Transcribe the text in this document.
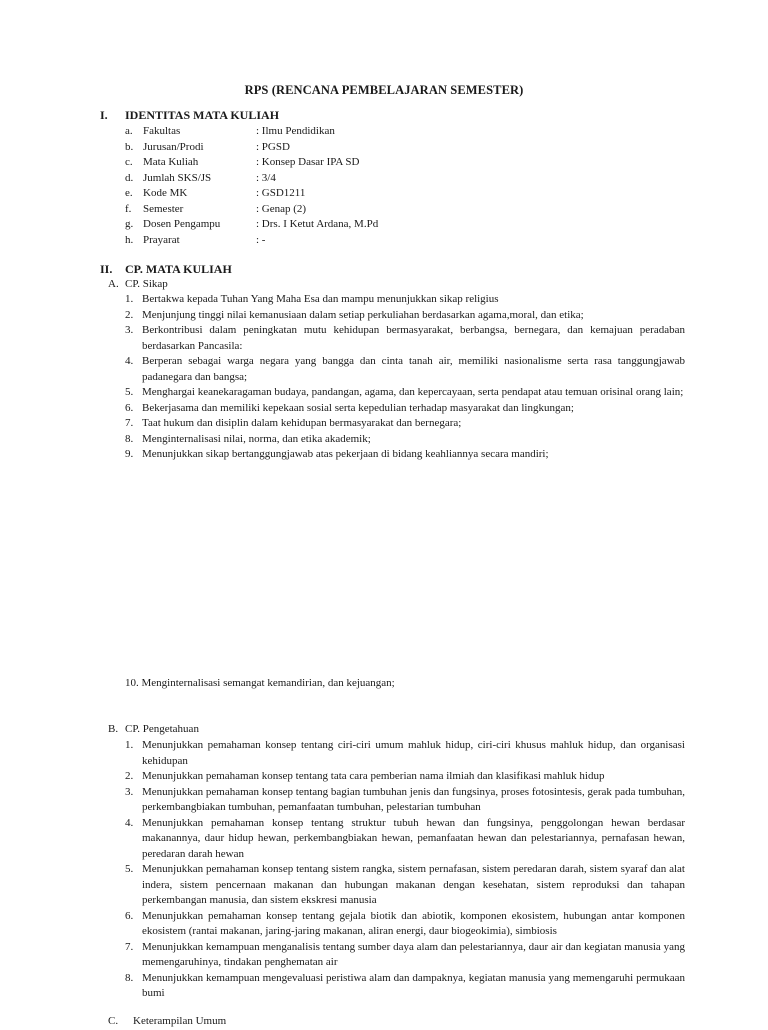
RPS (RENCANA PEMBELAJARAN SEMESTER)
I. IDENTITAS MATA KULIAH
a. Fakultas	: Ilmu Pendidikan
b. Jurusan/Prodi	: PGSD
c. Mata Kuliah	: Konsep Dasar IPA SD
d. Jumlah SKS/JS	: 3/4
e. Kode MK	: GSD1211
f. Semester	: Genap (2)
g. Dosen Pengampu	: Drs. I Ketut Ardana, M.Pd
h. Prayarat	: -
II. CP. MATA KULIAH
A. CP. Sikap
1. Bertakwa kepada Tuhan Yang Maha Esa dan mampu menunjukkan sikap religius
2. Menjunjung tinggi nilai kemanusiaan dalam setiap perkuliahan berdasarkan agama,moral, dan etika;
3. Berkontribusi dalam peningkatan mutu kehidupan bermasyarakat, berbangsa, bernegara, dan kemajuan peradaban berdasarkan Pancasila:
4. Berperan sebagai warga negara yang bangga dan cinta tanah air, memiliki nasionalisme serta rasa tanggungjawab padanegara dan bangsa;
5. Menghargai keanekaragaman budaya, pandangan, agama, dan kepercayaan, serta pendapat atau temuan orisinal orang lain;
6. Bekerjasama dan memiliki kepekaan sosial serta kepedulian terhadap masyarakat dan lingkungan;
7. Taat hukum dan disiplin dalam kehidupan bermasyarakat dan bernegara;
8. Menginternalisasi nilai, norma, dan etika akademik;
9. Menunjukkan sikap bertanggungjawab atas pekerjaan di bidang keahliannya secara mandiri;
10. Menginternalisasi semangat kemandirian, dan kejuangan;
B. CP. Pengetahuan
1. Menunjukkan pemahaman konsep tentang ciri-ciri umum mahluk hidup, ciri-ciri khusus mahluk hidup, dan organisasi kehidupan
2. Menunjukkan pemahaman konsep tentang tata cara pemberian nama ilmiah dan klasifikasi mahluk hidup
3. Menunjukkan pemahaman konsep tentang bagian tumbuhan jenis dan fungsinya, proses fotosintesis, gerak pada tumbuhan, perkembangbiakan tumbuhan, pemanfaatan tumbuhan, pelestarian tumbuhan
4. Menunjukkan pemahaman konsep tentang struktur tubuh hewan dan fungsinya, penggolongan hewan berdasar makanannya, daur hidup hewan, perkembangbiakan hewan, pemanfaatan hewan dan pelestariannya, pernafasan hewan, peredaran darah hewan
5. Menunjukkan pemahaman konsep tentang sistem rangka, sistem pernafasan, sistem peredaran darah, sistem syaraf dan alat indera, sistem pencernaan makanan dan hubungan makanan dengan kesehatan, sistem reproduksi dan tahapan perkembangan manusia, dan sistem ekskresi manusia
6. Menunjukkan pemahaman konsep tentang gejala biotik dan abiotik, komponen ekosistem, hubungan antar komponen ekosistem (rantai makanan, jaring-jaring makanan, aliran energi, daur biogeokimia), simbiosis
7. Menunjukkan kemampuan menganalisis tentang sumber daya alam dan pelestariannya, daur air dan kegiatan manusia yang memengaruhinya, tindakan penghematan air
8. Menunjukkan kemampuan mengevaluasi peristiwa alam dan dampaknya, kegiatan manusia yang memengaruhi permukaan bumi
C. Keterampilan Umum
